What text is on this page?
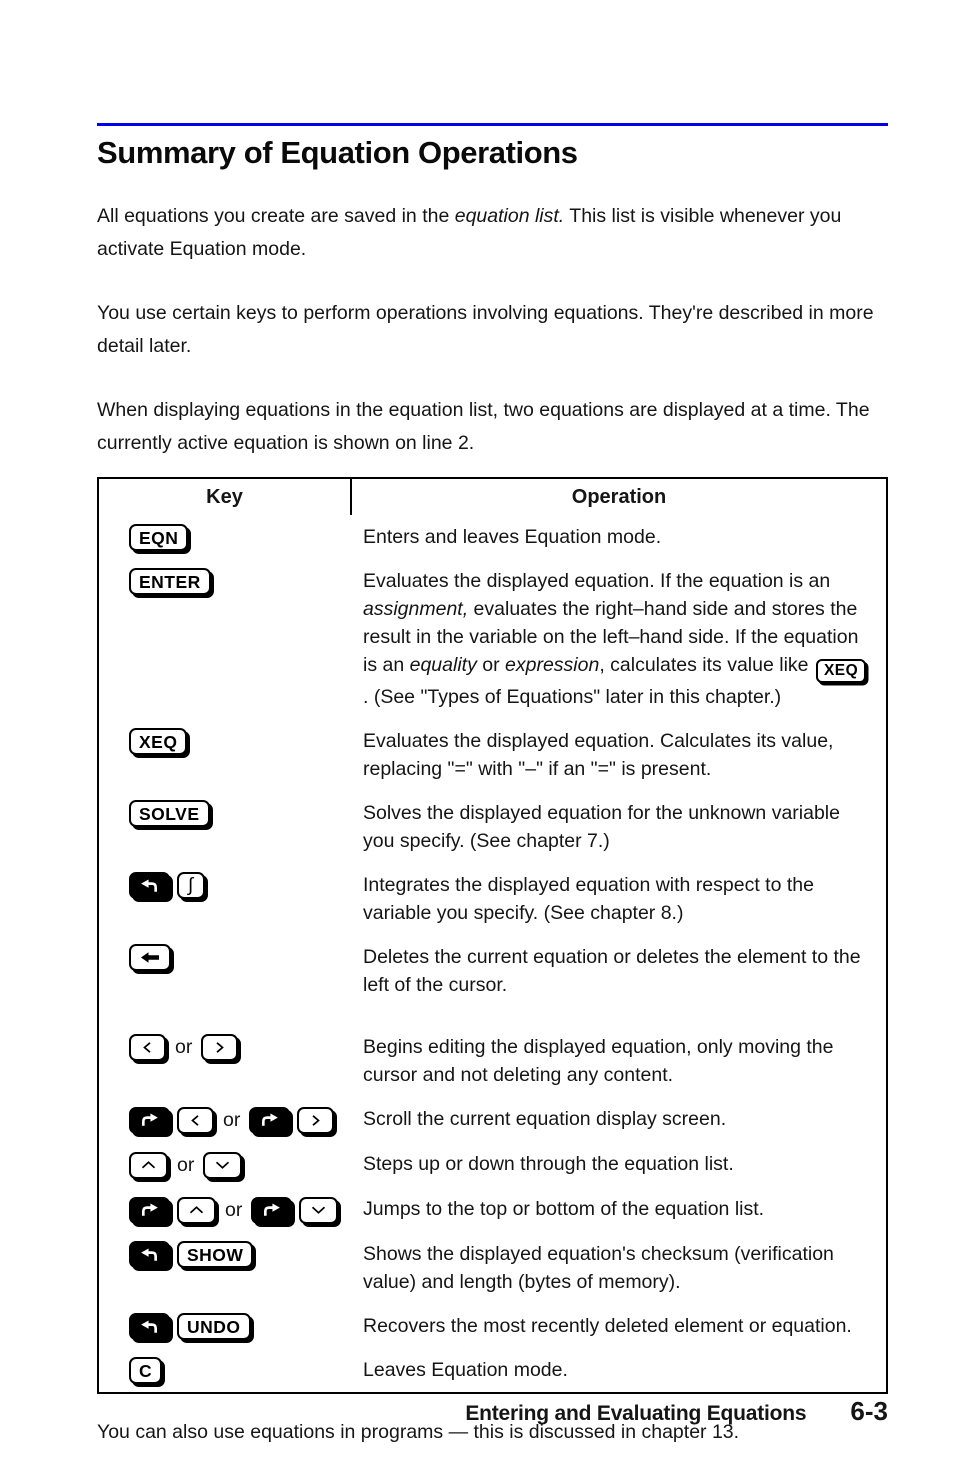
Summary of Equation Operations

All equations you create are saved in the equation list. This list is visible whenever you activate Equation mode.

You use certain keys to perform operations involving equations. They're described in more detail later.

When displaying equations in the equation list, two equations are displayed at a time. The currently active equation is shown on line 2.

Key	Operation

EQN	Enters and leaves Equation mode.

ENTER	Evaluates the displayed equation. If the equation is an assignment, evaluates the right–hand side and stores the result in the variable on the left–hand side. If the equation is an equality or expression, calculates its value like XEQ. (See "Types of Equations" later in this chapter.)

XEQ	Evaluates the displayed equation. Calculates its value, replacing "=" with "–" if an "=" is present.

SOLVE	Solves the displayed equation for the unknown variable you specify. (See chapter 7.)

∫	Integrates the displayed equation with respect to the variable you specify. (See chapter 8.)

	Deletes the current equation or deletes the element to the left of the cursor.

or	Begins editing the displayed equation, only moving the cursor and not deleting any content.

or	Scroll the current equation display screen.

or	Steps up or down through the equation list.

or	Jumps to the top or bottom of the equation list.

SHOW	Shows the displayed equation's checksum (verification value) and length (bytes of memory).

UNDO	Recovers the most recently deleted element or equation.

C	Leaves Equation mode.

You can also use equations in programs — this is discussed in chapter 13.

Entering and Evaluating Equations 6-3
